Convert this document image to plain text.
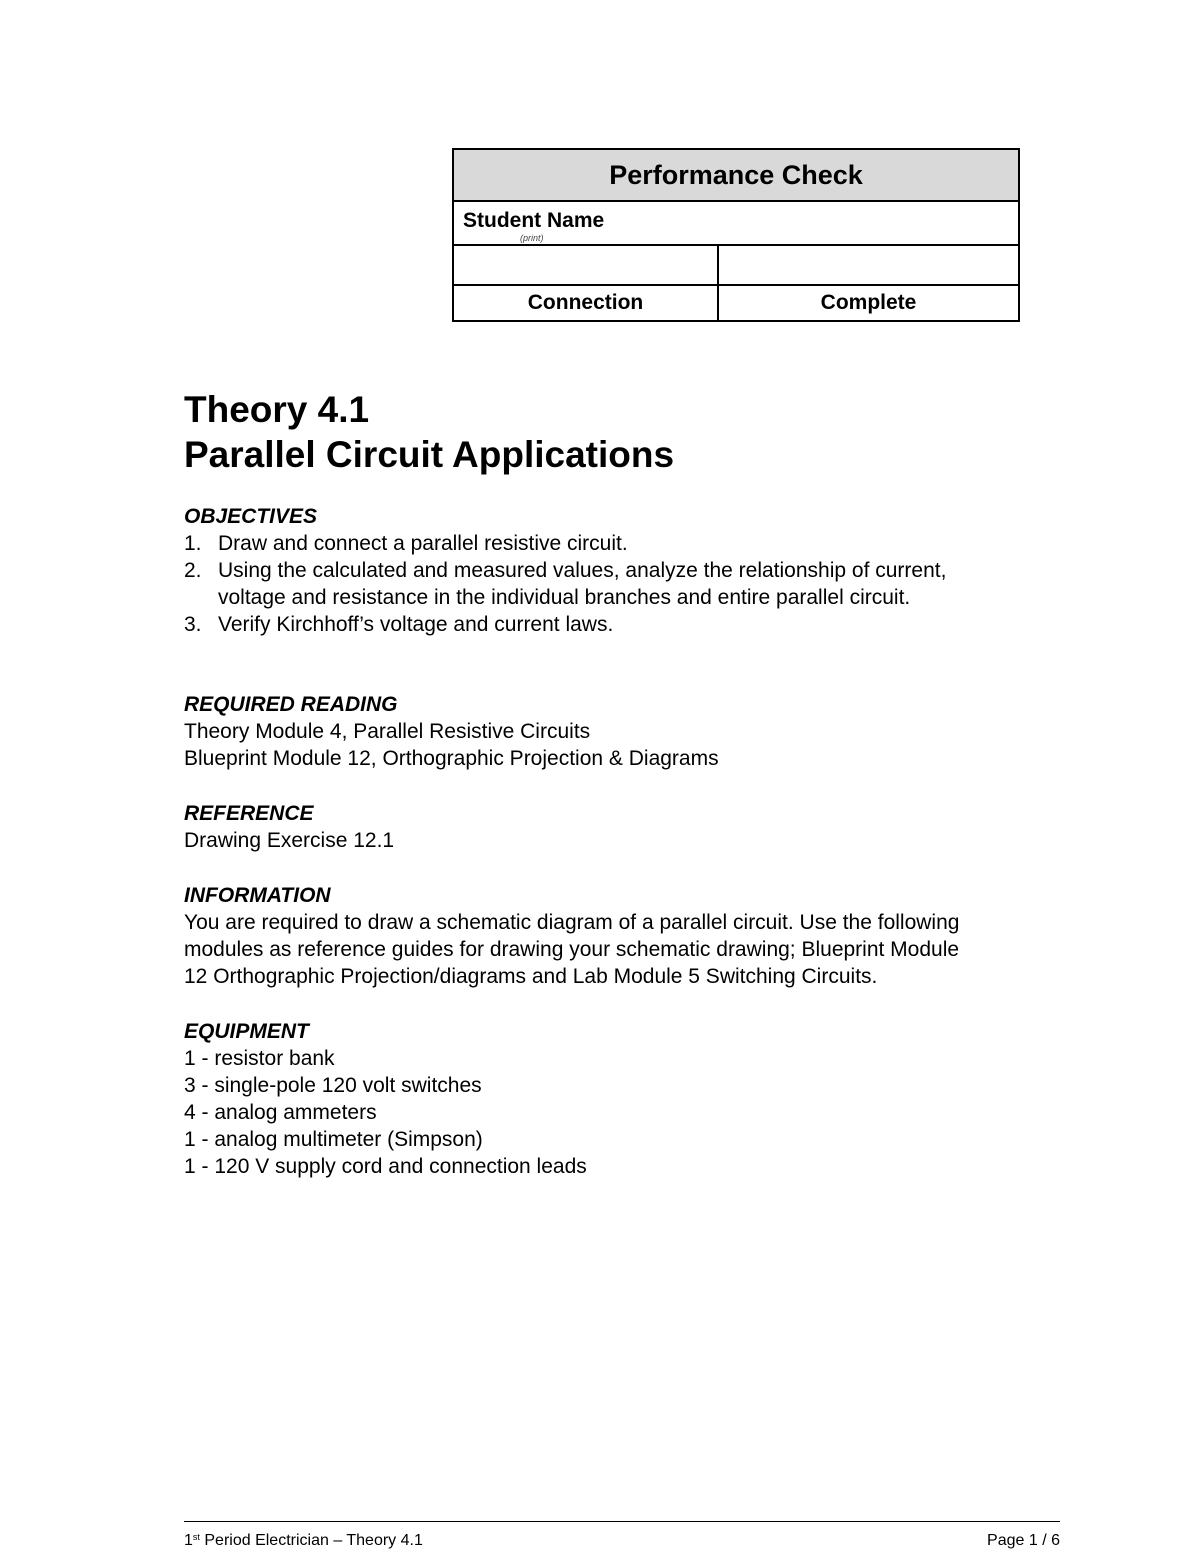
Performance Check
Student Name
(print)
Connection	Complete
Theory 4.1
Parallel Circuit Applications
OBJECTIVES
1. Draw and connect a parallel resistive circuit.
2. Using the calculated and measured values, analyze the relationship of current,
voltage and resistance in the individual branches and entire parallel circuit.
3. Verify Kirchhoff’s voltage and current laws.
REQUIRED READING
Theory Module 4, Parallel Resistive Circuits
Blueprint Module 12, Orthographic Projection & Diagrams
REFERENCE
Drawing Exercise 12.1
INFORMATION
You are required to draw a schematic diagram of a parallel circuit. Use the following
modules as reference guides for drawing your schematic drawing; Blueprint Module
12 Orthographic Projection/diagrams and Lab Module 5 Switching Circuits.
EQUIPMENT
1 - resistor bank
3 - single-pole 120 volt switches
4 - analog ammeters
1 - analog multimeter (Simpson)
1 - 120 V supply cord and connection leads
1st Period Electrician – Theory 4.1	Page 1 / 6
